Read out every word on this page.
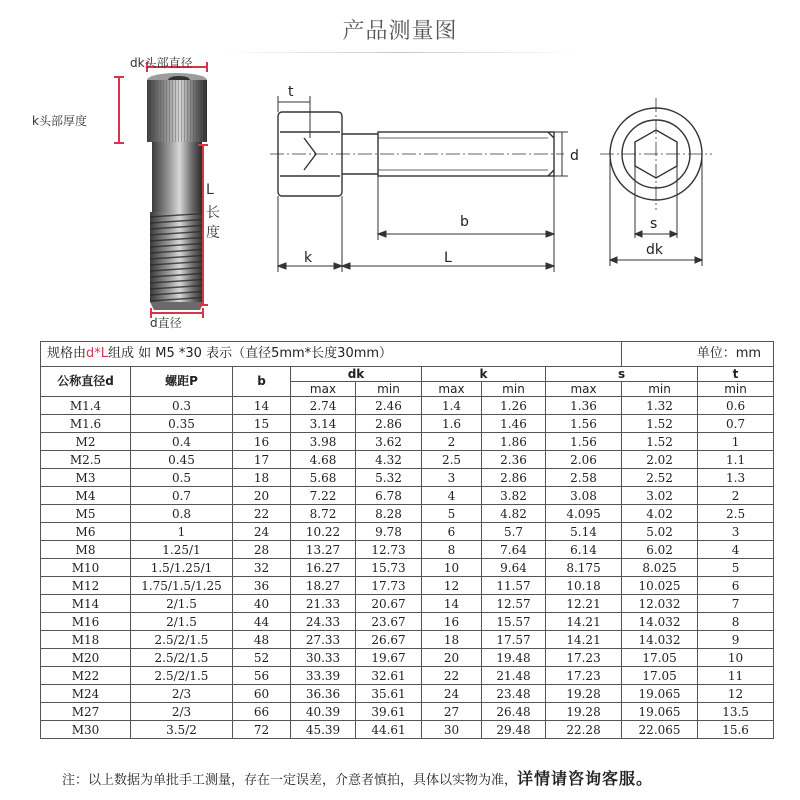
产品测量图
dk头部直径
k头部厚度
L
长
度
d直径
t
d
b
k	L
s
dk
规格由d*L组成 如 M5 *30 表示（直径5mm*长度30mm）								单位：mm	
公称直径d	螺距P	b	dk		k		s		t
			max	min	max	min	max	min	min
M1.4	0.3	14	2.74	2.46	1.4	1.26	1.36	1.32	0.6
M1.6	0.35	15	3.14	2.86	1.6	1.46	1.56	1.52	0.7
M2	0.4	16	3.98	3.62	2	1.86	1.56	1.52	1
M2.5	0.45	17	4.68	4.32	2.5	2.36	2.06	2.02	1.1
M3	0.5	18	5.68	5.32	3	2.86	2.58	2.52	1.3
M4	0.7	20	7.22	6.78	4	3.82	3.08	3.02	2
M5	0.8	22	8.72	8.28	5	4.82	4.095	4.02	2.5
M6	1	24	10.22	9.78	6	5.7	5.14	5.02	3
M8	1.25/1	28	13.27	12.73	8	7.64	6.14	6.02	4
M10	1.5/1.25/1	32	16.27	15.73	10	9.64	8.175	8.025	5
M12	1.75/1.5/1.25	36	18.27	17.73	12	11.57	10.18	10.025	6
M14	2/1.5	40	21.33	20.67	14	12.57	12.21	12.032	7
M16	2/1.5	44	24.33	23.67	16	15.57	14.21	14.032	8
M18	2.5/2/1.5	48	27.33	26.67	18	17.57	14.21	14.032	9
M20	2.5/2/1.5	52	30.33	19.67	20	19.48	17.23	17.05	10
M22	2.5/2/1.5	56	33.39	32.61	22	21.48	17.23	17.05	11
M24	2/3	60	36.36	35.61	24	23.48	19.28	19.065	12
M27	2/3	66	40.39	39.61	27	26.48	19.28	19.065	13.5
M30	3.5/2	72	45.39	44.61	30	29.48	22.28	22.065	15.6
注：以上数据为单批手工测量，存在一定误差，介意者慎拍，具体以实物为准，详情请咨询客服。
